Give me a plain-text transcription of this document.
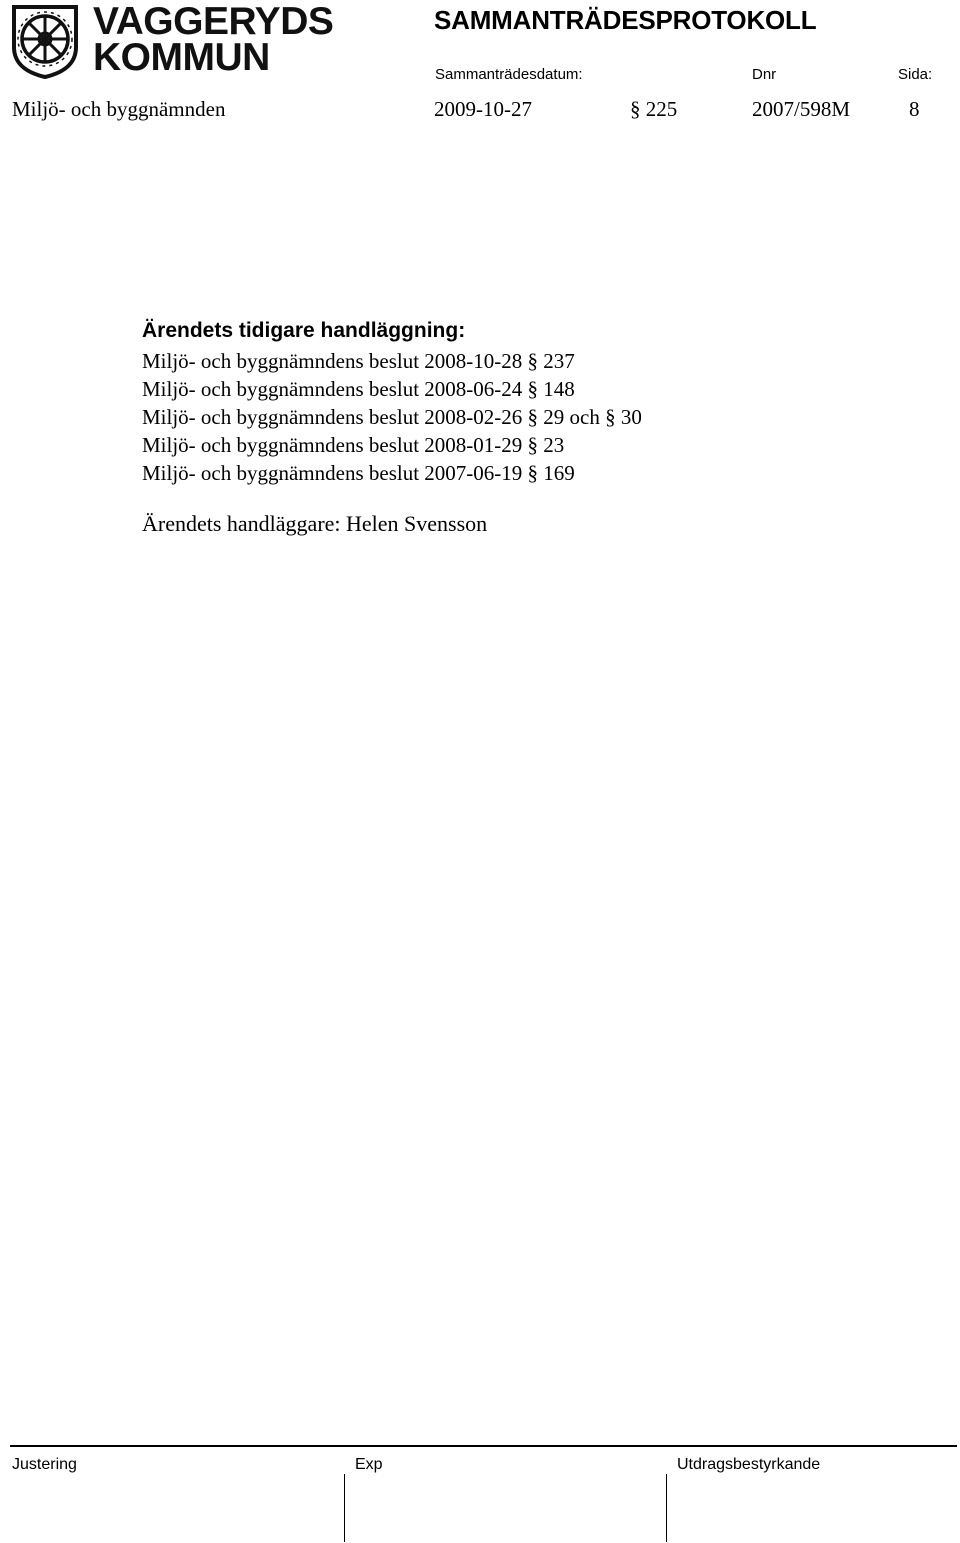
VAGGERYDS
KOMMUN
SAMMANTRÄDESPROTOKOLL
Sammanträdesdatum:	Dnr	Sida:
Miljö- och byggnämnden	2009-10-27	§ 225	2007/598M	8
Ärendets tidigare handläggning:
Miljö- och byggnämndens beslut 2008-10-28 § 237
Miljö- och byggnämndens beslut 2008-06-24 § 148
Miljö- och byggnämndens beslut 2008-02-26 § 29 och § 30
Miljö- och byggnämndens beslut 2008-01-29 § 23
Miljö- och byggnämndens beslut 2007-06-19 § 169
Ärendets handläggare: Helen Svensson
Justering	Exp	Utdragsbestyrkande
